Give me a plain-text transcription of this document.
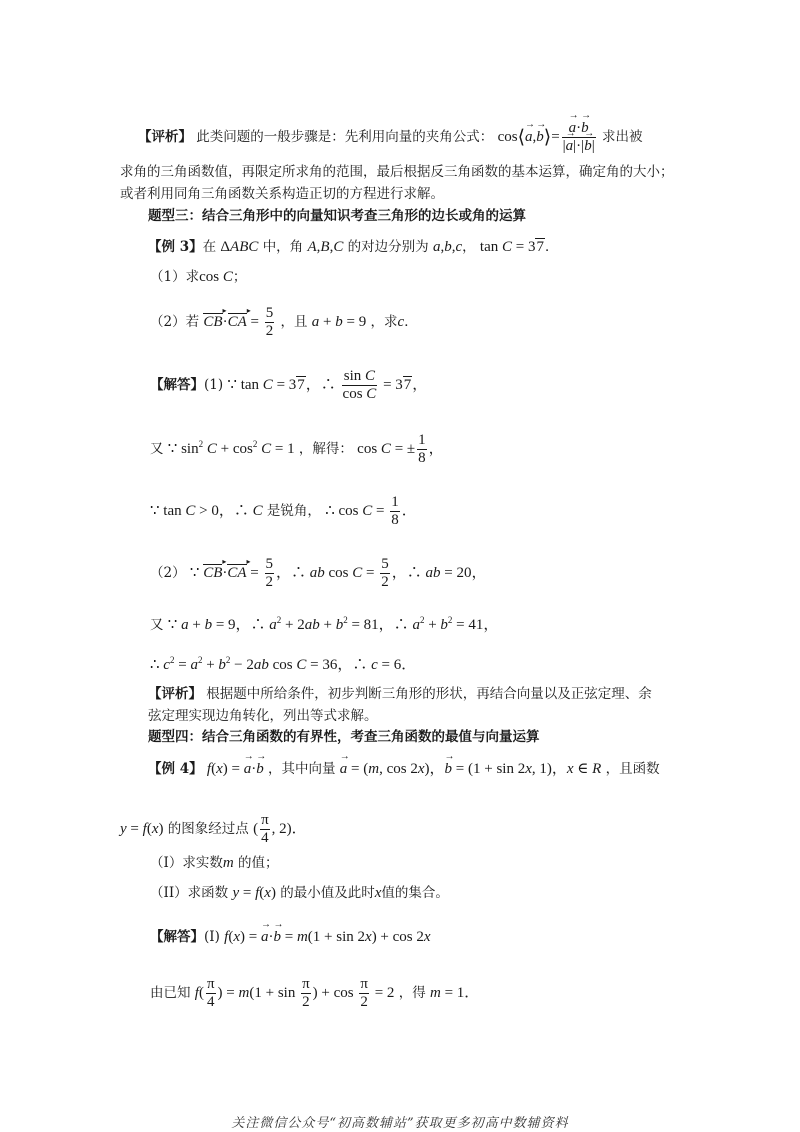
【评析】 此类问题的一般步骤是：先利用向量的夹角公式： cos⟨→ a,→ b⟩= → $\frac{a\cdot\to b}{|\to a|\cdot|\to b|}$ 求出被
求角的三角函数值，再限定所求角的范围，最后根据反三角函数的基本运算，确定角的大小；
或者利用同角三角函数关系构造正切的方程进行求解。
题型三：结合三角形中的向量知识考查三角形的边长或角的运算
【例 3】在 ΔABC 中，角 A,B,C 的对边分别为 a,b,c， tan C = 37．
（1）求cos C；
（2）若 CB ▸·CA ▸ = $\frac{5}{2}$ ，且 a + b = 9 ，求c．
【解答】(1) ∵ tan C = 37，∴ $\frac{\text{sin C}}{\text{cos C}} = 37$，
又 ∵ $\sin^2 C + \cos^2 C = 1$ ，解得： cos C = ± $\frac{1}{8}$ ，
∵ tan C > 0，∴ C 是锐角， ∴ $\cos C = \frac{1}{8}$ ．
（2） ∵ CB ▸·CA ▸ = $\frac{5}{2}$ ，∴ ab $\cos C = \frac{5}{2}$ ，∴ ab = 20，
又 ∵ a + b = 9，∴ $a^2 + 2ab + b^2 = 81$，∴ $a^2 + b^2 = 41$，
∴ $c^2 = a^2 + b^2 - 2ab$ cos C = 36，∴ c = 6．
【评析】 根据题中所给条件，初步判断三角形的形状，再结合向量以及正弦定理、余
弦定理实现边角转化，列出等式求解。
题型四：结合三角函数的有界性，考查三角函数的最值与向量运算
【例 4】 f(x) = → a·→ b ，其中向量 → a = (m, cos 2x)，→ b = (1 + sin 2x, 1)，x ∈ R ，且函数
y = f(x) 的图象经过点 ( $\frac{\pi}{4}$ , 2)．
（I）求实数m 的值；
（II）求函数 y = f(x) 的最小值及此时x值的集合。
【解答】(I) f(x) = → a·→ b = m(1 + sin 2x) + cos 2x
由已知 $f( \frac{\pi}{4}$ ) = $m(1 + \sin \frac{\pi}{2}$ ) + $\cos \frac{\pi}{2} = 2$ ，得 m = 1．
关注微信公众号“初高数辅站”获取更多初高中数辅资料
